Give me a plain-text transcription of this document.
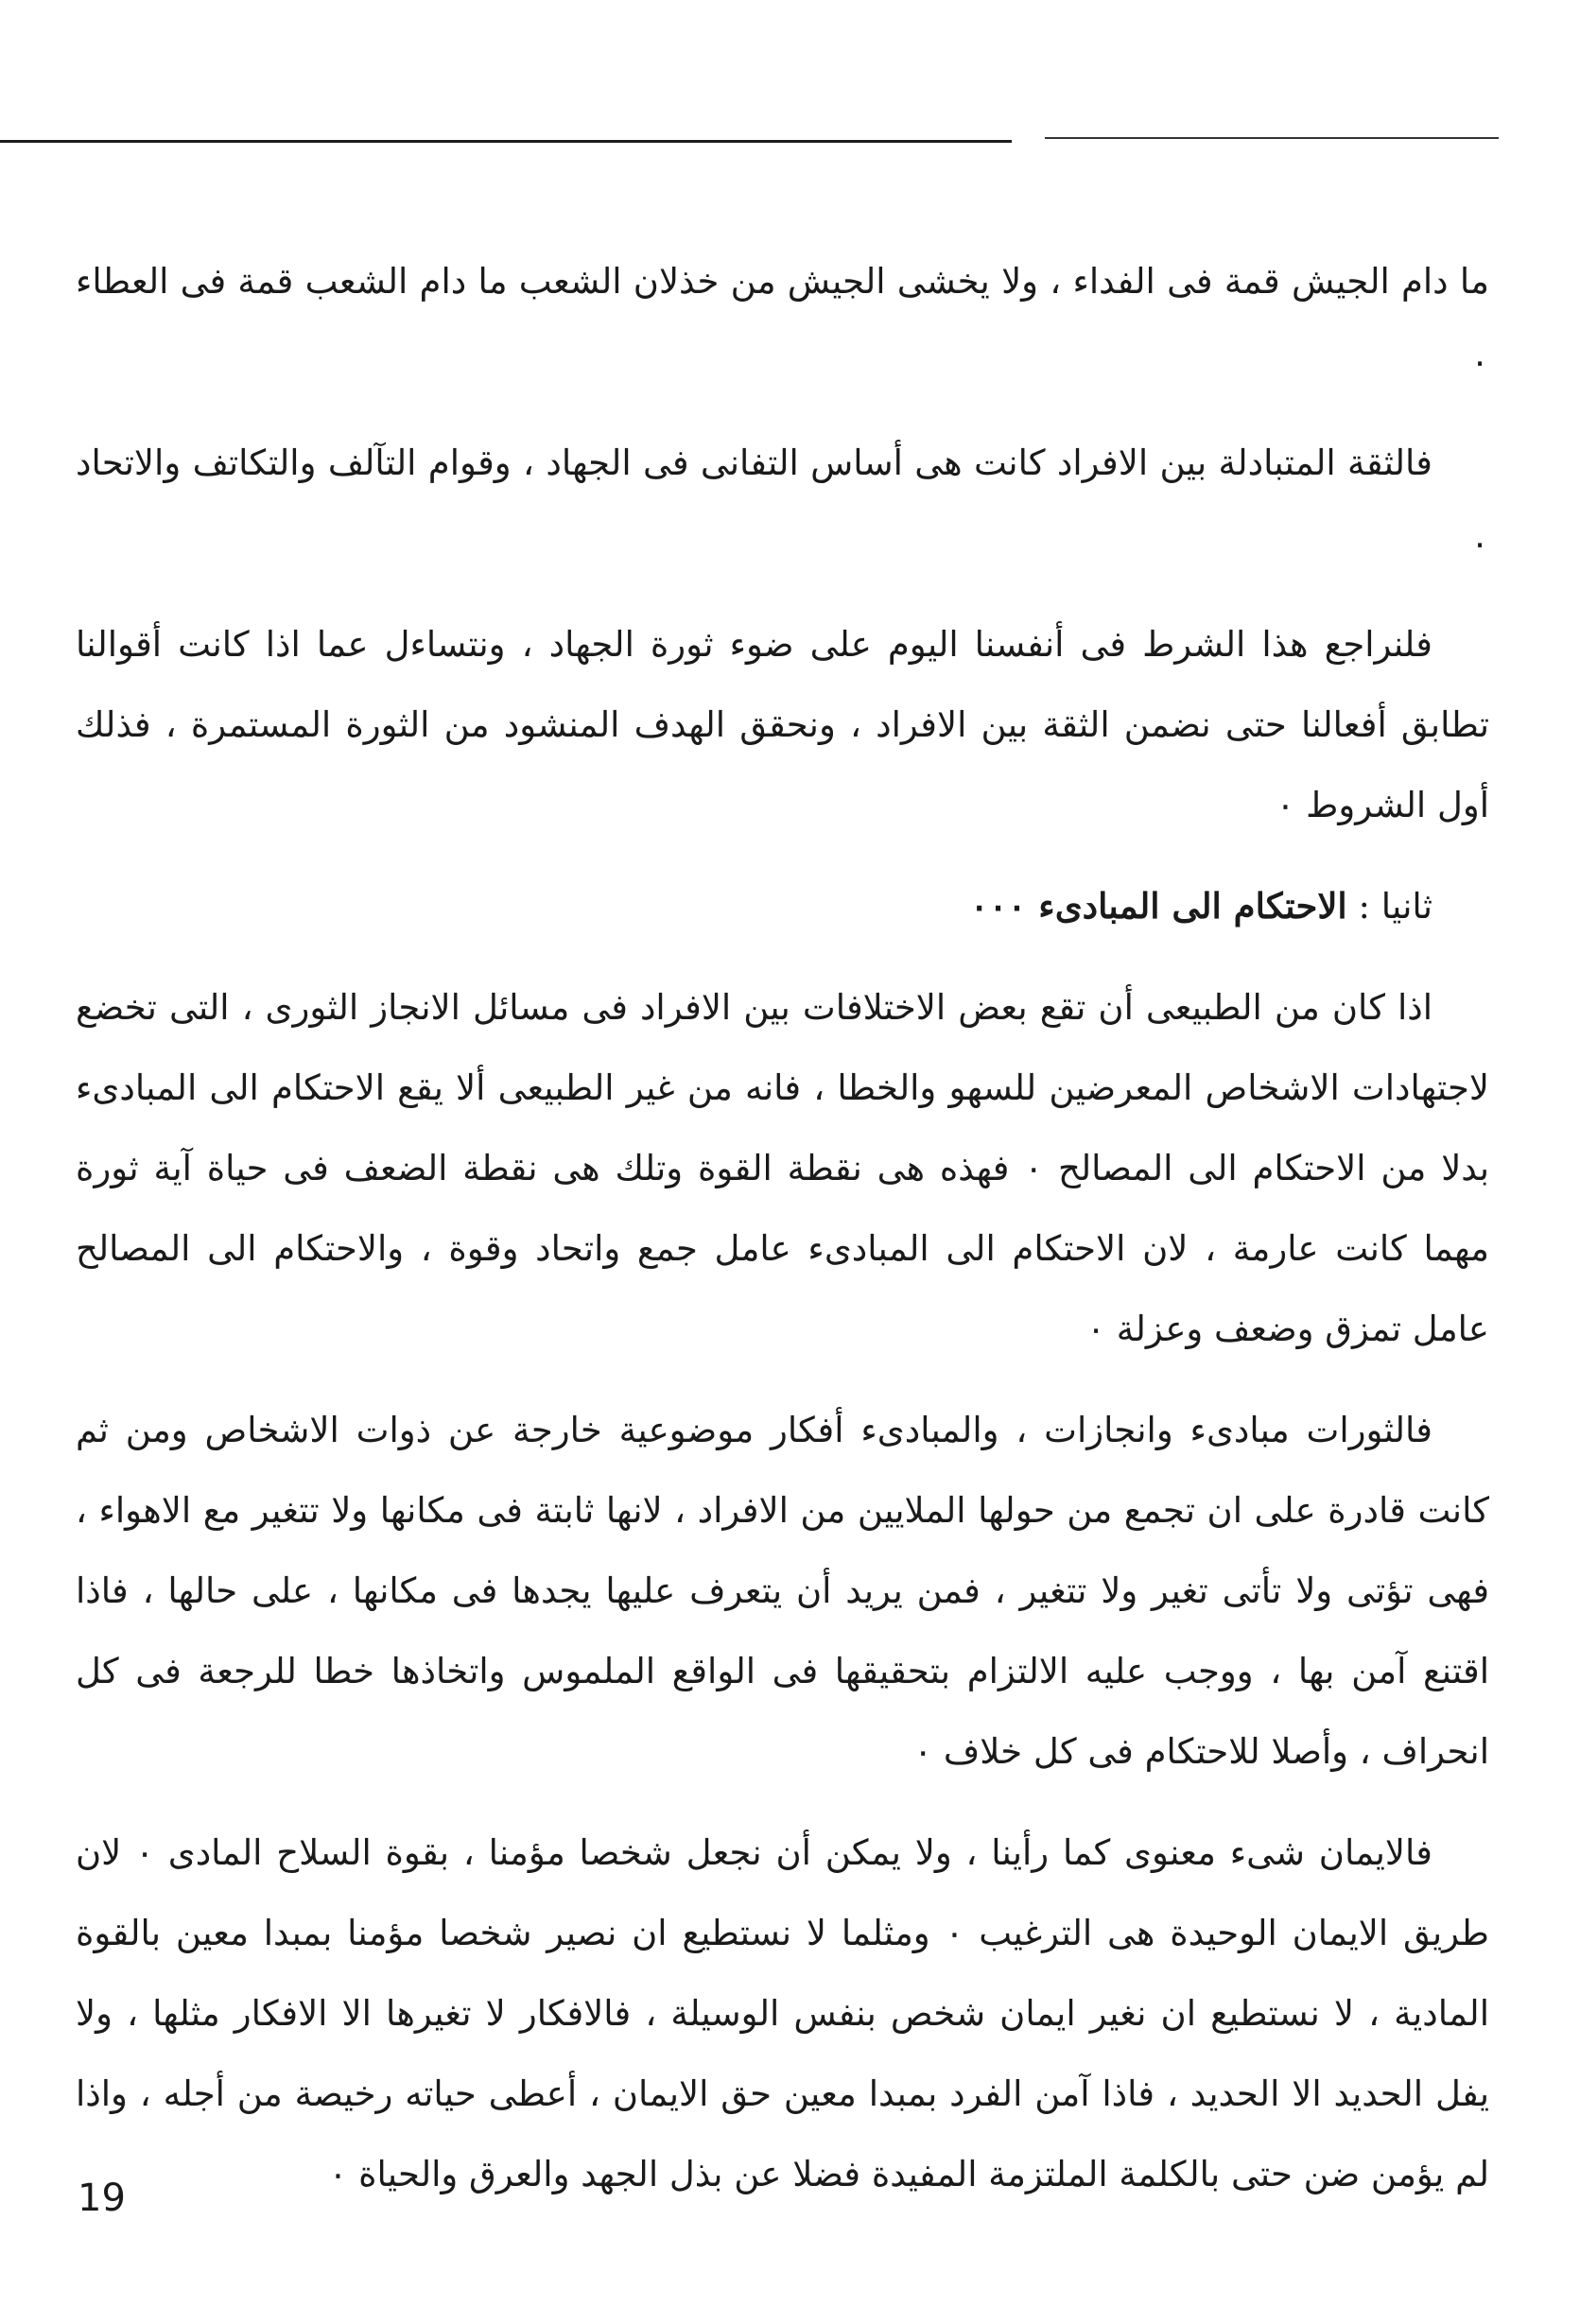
ما دام الجيش قمة فى الفداء ، ولا يخشى الجيش من خذلان الشعب ما دام الشعب قمة فى العطاء ٠

فالثقة المتبادلة بين الافراد كانت هى أساس التفانى فى الجهاد ، وقوام التآلف والتكاتف والاتحاد ٠

فلنراجع هذا الشرط فى أنفسنا اليوم على ضوء ثورة الجهاد ، ونتساءل عما اذا كانت أقوالنا تطابق أفعالنا حتى نضمن الثقة بين الافراد ، ونحقق الهدف المنشود من الثورة المستمرة ، فذلك أول الشروط ٠

ثانيا : الاحتكام الى المبادىء ٠٠٠

اذا كان من الطبيعى أن تقع بعض الاختلافات بين الافراد فى مسائل الانجاز الثورى ، التى تخضع لاجتهادات الاشخاص المعرضين للسهو والخطا ، فانه من غير الطبيعى ألا يقع الاحتكام الى المبادىء بدلا من الاحتكام الى المصالح ٠ فهذه هى نقطة القوة وتلك هى نقطة الضعف فى حياة آية ثورة مهما كانت عارمة ، لان الاحتكام الى المبادىء عامل جمع واتحاد وقوة ، والاحتكام الى المصالح عامل تمزق وضعف وعزلة ٠

فالثورات مبادىء وانجازات ، والمبادىء أفكار موضوعية خارجة عن ذوات الاشخاص ومن ثم كانت قادرة على ان تجمع من حولها الملايين من الافراد ، لانها ثابتة فى مكانها ولا تتغير مع الاهواء ، فهى تؤتى ولا تأتى تغير ولا تتغير ، فمن يريد أن يتعرف عليها يجدها فى مكانها ، على حالها ، فاذا اقتنع آمن بها ، ووجب عليه الالتزام بتحقيقها فى الواقع الملموس واتخاذها خطا للرجعة فى كل انحراف ، وأصلا للاحتكام فى كل خلاف ٠

فالايمان شىء معنوى كما رأينا ، ولا يمكن أن نجعل شخصا مؤمنا ، بقوة السلاح المادى ٠ لان طريق الايمان الوحيدة هى الترغيب ٠ ومثلما لا نستطيع ان نصير شخصا مؤمنا بمبدا معين بالقوة المادية ، لا نستطيع ان نغير ايمان شخص بنفس الوسيلة ، فالافكار لا تغيرها الا الافكار مثلها ، ولا يفل الحديد الا الحديد ، فاذا آمن الفرد بمبدا معين حق الايمان ، أعطى حياته رخيصة من أجله ، واذا لم يؤمن ضن حتى بالكلمة الملتزمة المفيدة فضلا عن بذل الجهد والعرق والحياة ٠

19
